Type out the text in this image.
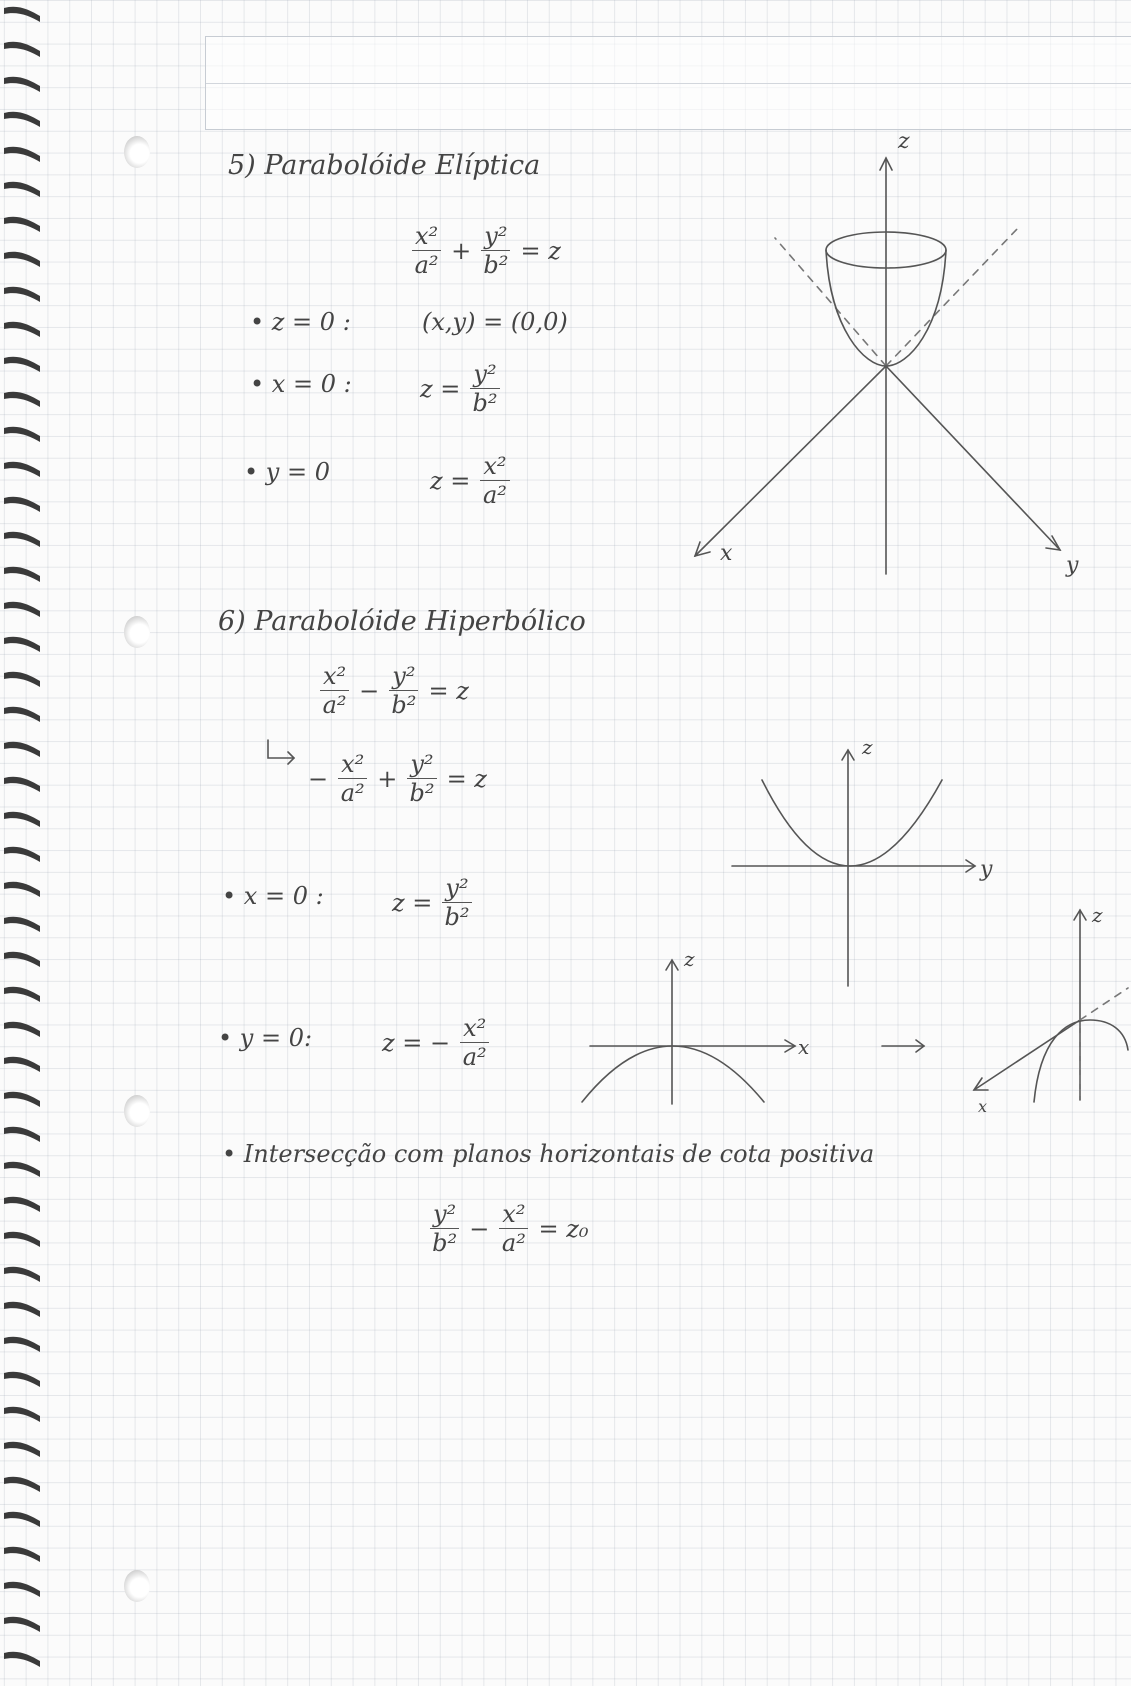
5) Parabolóide Elíptica
$\frac{\text{x²}}{\text{a²}} + \frac{\text{y²}}{\text{b²}} = z$
• z = 0 :	(x,y) = (0,0)
• x = 0 :	$z = \frac{\text{y²}}{\text{b²}}$
• y = 0	$z = \frac{\text{x²}}{\text{a²}}$
z
x	y
6) Parabolóide Hiperbólico
$\frac{\text{x²}}{\text{a²}} - \frac{\text{y²}}{\text{b²}} = z$
− $\frac{\text{x²}}{\text{a²}} + \frac{\text{y²}}{\text{b²}} = z$
• x = 0 :	$z = \frac{\text{y²}}{\text{b²}}$
• y = 0:	z = − $\frac{\text{x²}}{\text{a²}}$
z
y
z
x
z
x
• Intersecção com planos horizontais de cota positiva
$\frac{\text{y²}}{\text{b²}} - \frac{\text{x²}}{\text{a²}} = z_0$
